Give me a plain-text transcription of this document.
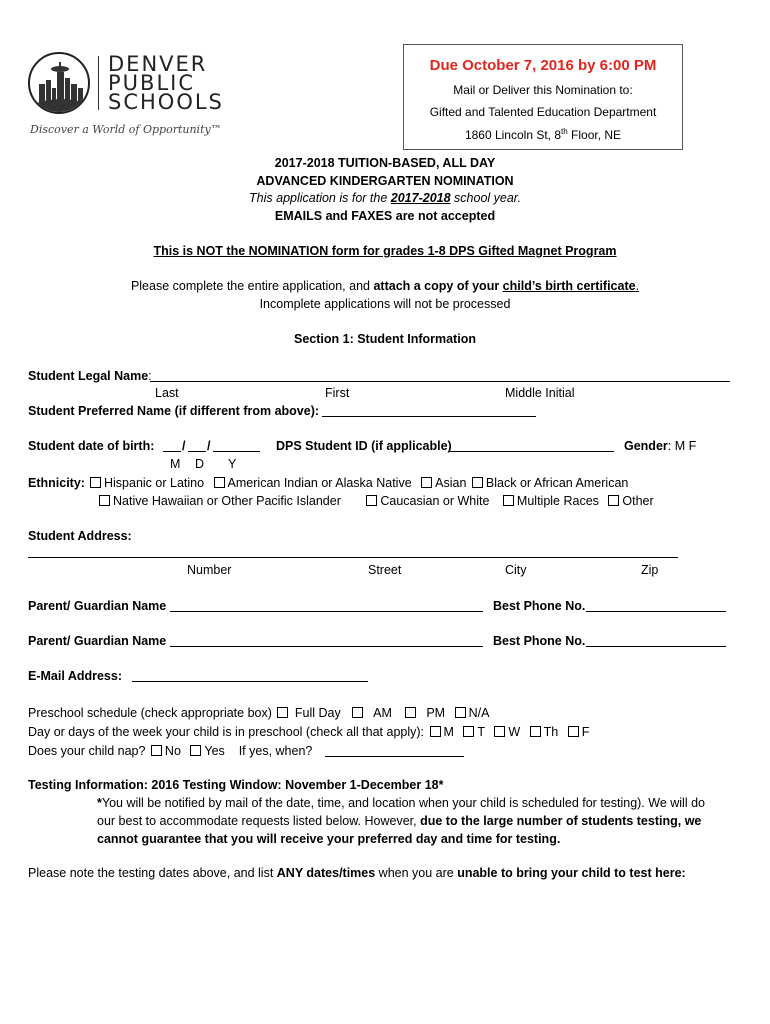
DENVER
PUBLIC
SCHOOLS
Discover a World of Opportunity™
Due October 7, 2016 by 6:00 PM
Mail or Deliver this Nomination to:
Gifted and Talented Education Department
1860 Lincoln St, 8th Floor, NE
2017-2018 TUITION-BASED, ALL DAY
ADVANCED KINDERGARTEN NOMINATION
This application is for the 2017-2018 school year.
EMAILS and FAXES are not accepted
This is NOT the NOMINATION form for grades 1-8 DPS Gifted Magnet Program
Please complete the entire application, and attach a copy of your child’s birth certificate.
Incomplete applications will not be processed
Section 1: Student Information
Student Legal Name:
Last	First	Middle Initial
Student Preferred Name (if different from above):
Student date of birth: / /
M D Y
DPS Student ID (if applicable)	Gender: M F
Ethnicity:	Hispanic or Latino American Indian or Alaska Native Asian Black or African American
Native Hawaiian or Other Pacific Islander	Caucasian or White Multiple Races Other
Student Address:
Number	Street	City	Zip
Parent/ Guardian Name	Best Phone No.
Parent/ Guardian Name	Best Phone No.
E-Mail Address:
Preschool schedule (check appropriate box) Full Day	AM	PM N/A
Day or days of the week your child is in preschool (check all that apply): M T W Th F
Does your child nap? No Yes If yes, when?
Testing Information: 2016 Testing Window: November 1-December 18*
*You will be notified by mail of the date, time, and location when your child is scheduled for testing). We will do
our best to accommodate requests listed below. However, due to the large number of students testing, we
cannot guarantee that you will receive your preferred day and time for testing.
Please note the testing dates above, and list ANY dates/times when you are unable to bring your child to test here:
